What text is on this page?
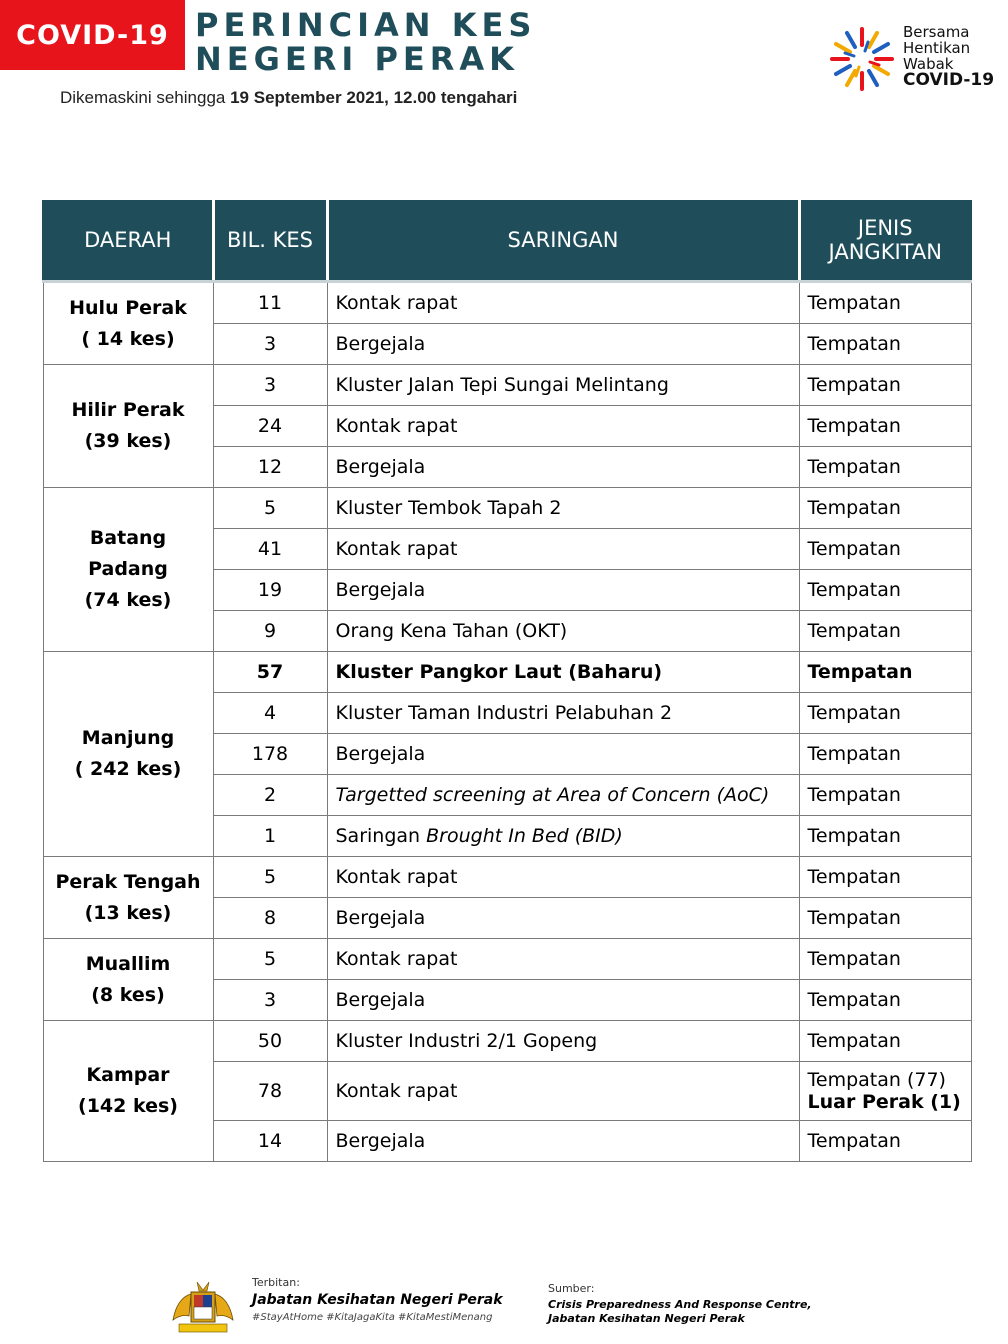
COVID-19 PERINCIAN KES
NEGERI PERAK
Dikemaskini sehingga 19 September 2021, 12.00 tengahari
Bersama
Hentikan
Wabak
COVID-19
DAERAH	BIL. KES	SARINGAN	JENIS
JANGKITAN

Hulu Perak
( 14 kes)	11	Kontak rapat	Tempatan
	3	Bergejala	Tempatan

Hilir Perak
(39 kes)	3	Kluster Jalan Tepi Sungai Melintang	Tempatan
	24	Kontak rapat	Tempatan
	12	Bergejala	Tempatan

Batang Padang
(74 kes)	5	Kluster Tembok Tapah 2	Tempatan
	41	Kontak rapat	Tempatan
	19	Bergejala	Tempatan
	9	Orang Kena Tahan (OKT)	Tempatan

Manjung
( 242 kes)	57	Kluster Pangkor Laut (Baharu)	Tempatan
	4	Kluster Taman Industri Pelabuhan 2	Tempatan
	178	Bergejala	Tempatan
	2	Targetted screening at Area of Concern (AoC)	Tempatan
	1	Saringan Brought In Bed (BID)	Tempatan

Perak Tengah
(13 kes)	5	Kontak rapat	Tempatan
	8	Bergejala	Tempatan

Muallim
(8 kes)	5	Kontak rapat	Tempatan
	3	Bergejala	Tempatan

Kampar
(142 kes)	50	Kluster Industri 2/1 Gopeng	Tempatan
	78	Kontak rapat	Tempatan (77)
Luar Perak (1)

	14	Bergejala	Tempatan
Terbitan:
Jabatan Kesihatan Negeri Perak
#StayAtHome #KitaJagaKita #KitaMestiMenang
Sumber:
Crisis Preparedness And Response Centre,
Jabatan Kesihatan Negeri Perak
